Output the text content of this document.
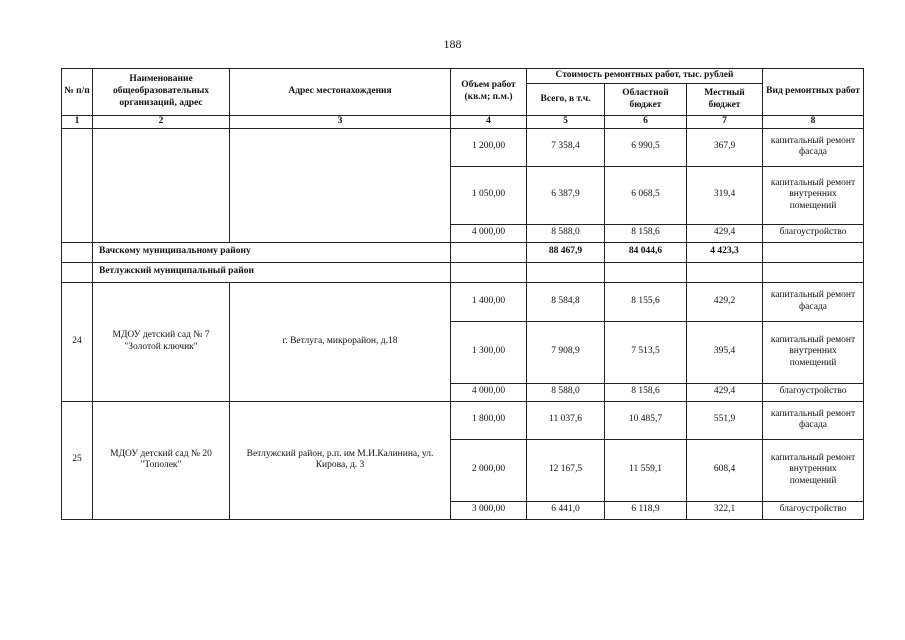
188
№ п/п	Наименование общеобразовательных организаций, адрес	Адрес местонахождения	Объем работ (кв.м; п.м.)	Стоимость ремонтных работ, тыс. рублей			Вид ремонтных работ
				Всего, в т.ч.	Областной бюджет	Местный бюджет	
1	2	3	4	5	6	7	8
			1 200,00	7 358,4	6 990,5	367,9	капитальный ремонт фасада
			1 050,00	6 387,9	6 068,5	319,4	капитальный ремонт внутренних помещений
			4 000,00	8 588,0	8 158,6	429,4	благоустройство
	Вачскому муниципальному району			88 467,9	84 044,6	4 423,3	
	Ветлужский муниципальный район						
24	МДОУ детский сад № 7 "Золотой ключик"	г. Ветлуга, микрорайон, д.18	1 400,00	8 584,8	8 155,6	429,2	капитальный ремонт фасада
			1 300,00	7 908,9	7 513,5	395,4	капитальный ремонт внутренних помещений
			4 000,00	8 588,0	8 158,6	429,4	благоустройство
25	МДОУ детский сад № 20 "Тополек"	Ветлужский район, р.п. им М.И.Калинина, ул. Кирова, д. 3	1 800,00	11 037,6	10 485,7	551,9	капитальный ремонт фасада
			2 000,00	12 167,5	11 559,1	608,4	капитальный ремонт внутренних помещений
			3 000,00	6 441,0	6 118,9	322,1	благоустройство
